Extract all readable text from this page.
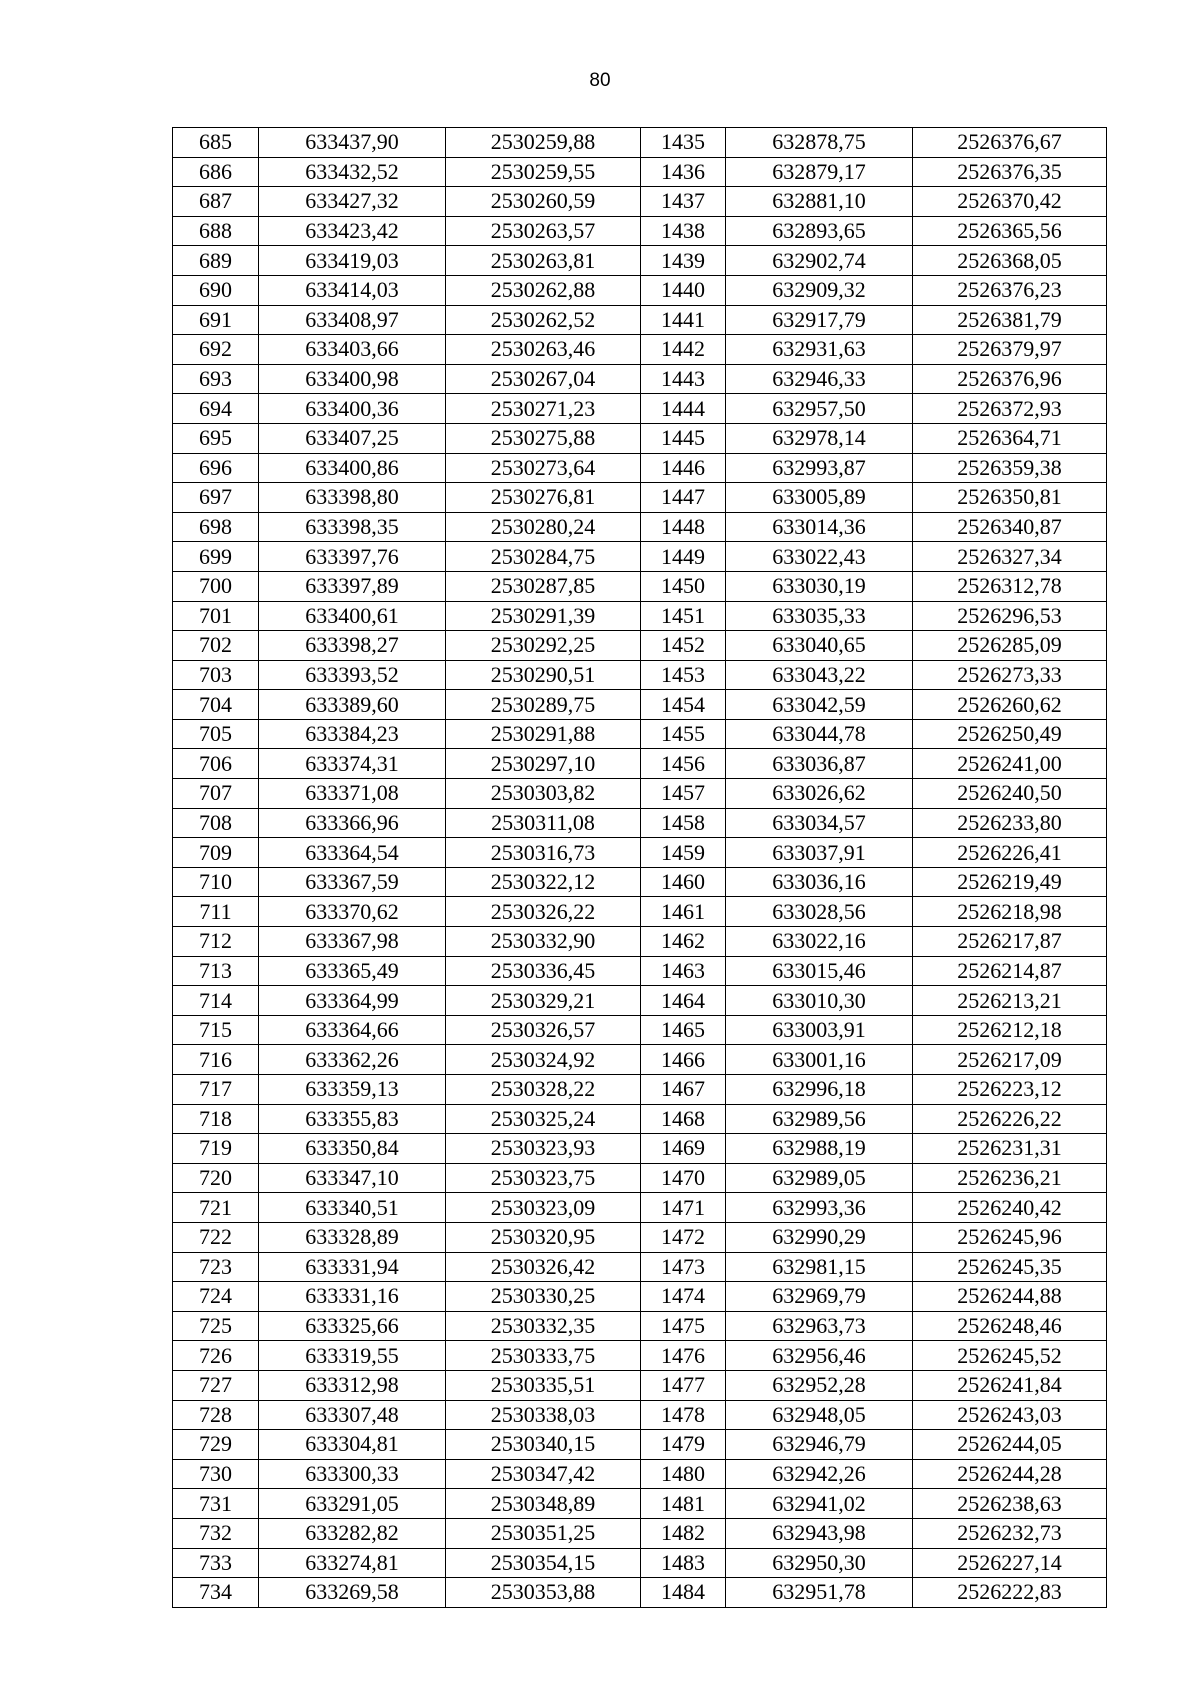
80
685	633437,90	2530259,88	1435	632878,75	2526376,67
686	633432,52	2530259,55	1436	632879,17	2526376,35
687	633427,32	2530260,59	1437	632881,10	2526370,42
688	633423,42	2530263,57	1438	632893,65	2526365,56
689	633419,03	2530263,81	1439	632902,74	2526368,05
690	633414,03	2530262,88	1440	632909,32	2526376,23
691	633408,97	2530262,52	1441	632917,79	2526381,79
692	633403,66	2530263,46	1442	632931,63	2526379,97
693	633400,98	2530267,04	1443	632946,33	2526376,96
694	633400,36	2530271,23	1444	632957,50	2526372,93
695	633407,25	2530275,88	1445	632978,14	2526364,71
696	633400,86	2530273,64	1446	632993,87	2526359,38
697	633398,80	2530276,81	1447	633005,89	2526350,81
698	633398,35	2530280,24	1448	633014,36	2526340,87
699	633397,76	2530284,75	1449	633022,43	2526327,34
700	633397,89	2530287,85	1450	633030,19	2526312,78
701	633400,61	2530291,39	1451	633035,33	2526296,53
702	633398,27	2530292,25	1452	633040,65	2526285,09
703	633393,52	2530290,51	1453	633043,22	2526273,33
704	633389,60	2530289,75	1454	633042,59	2526260,62
705	633384,23	2530291,88	1455	633044,78	2526250,49
706	633374,31	2530297,10	1456	633036,87	2526241,00
707	633371,08	2530303,82	1457	633026,62	2526240,50
708	633366,96	2530311,08	1458	633034,57	2526233,80
709	633364,54	2530316,73	1459	633037,91	2526226,41
710	633367,59	2530322,12	1460	633036,16	2526219,49
711	633370,62	2530326,22	1461	633028,56	2526218,98
712	633367,98	2530332,90	1462	633022,16	2526217,87
713	633365,49	2530336,45	1463	633015,46	2526214,87
714	633364,99	2530329,21	1464	633010,30	2526213,21
715	633364,66	2530326,57	1465	633003,91	2526212,18
716	633362,26	2530324,92	1466	633001,16	2526217,09
717	633359,13	2530328,22	1467	632996,18	2526223,12
718	633355,83	2530325,24	1468	632989,56	2526226,22
719	633350,84	2530323,93	1469	632988,19	2526231,31
720	633347,10	2530323,75	1470	632989,05	2526236,21
721	633340,51	2530323,09	1471	632993,36	2526240,42
722	633328,89	2530320,95	1472	632990,29	2526245,96
723	633331,94	2530326,42	1473	632981,15	2526245,35
724	633331,16	2530330,25	1474	632969,79	2526244,88
725	633325,66	2530332,35	1475	632963,73	2526248,46
726	633319,55	2530333,75	1476	632956,46	2526245,52
727	633312,98	2530335,51	1477	632952,28	2526241,84
728	633307,48	2530338,03	1478	632948,05	2526243,03
729	633304,81	2530340,15	1479	632946,79	2526244,05
730	633300,33	2530347,42	1480	632942,26	2526244,28
731	633291,05	2530348,89	1481	632941,02	2526238,63
732	633282,82	2530351,25	1482	632943,98	2526232,73
733	633274,81	2530354,15	1483	632950,30	2526227,14
734	633269,58	2530353,88	1484	632951,78	2526222,83
